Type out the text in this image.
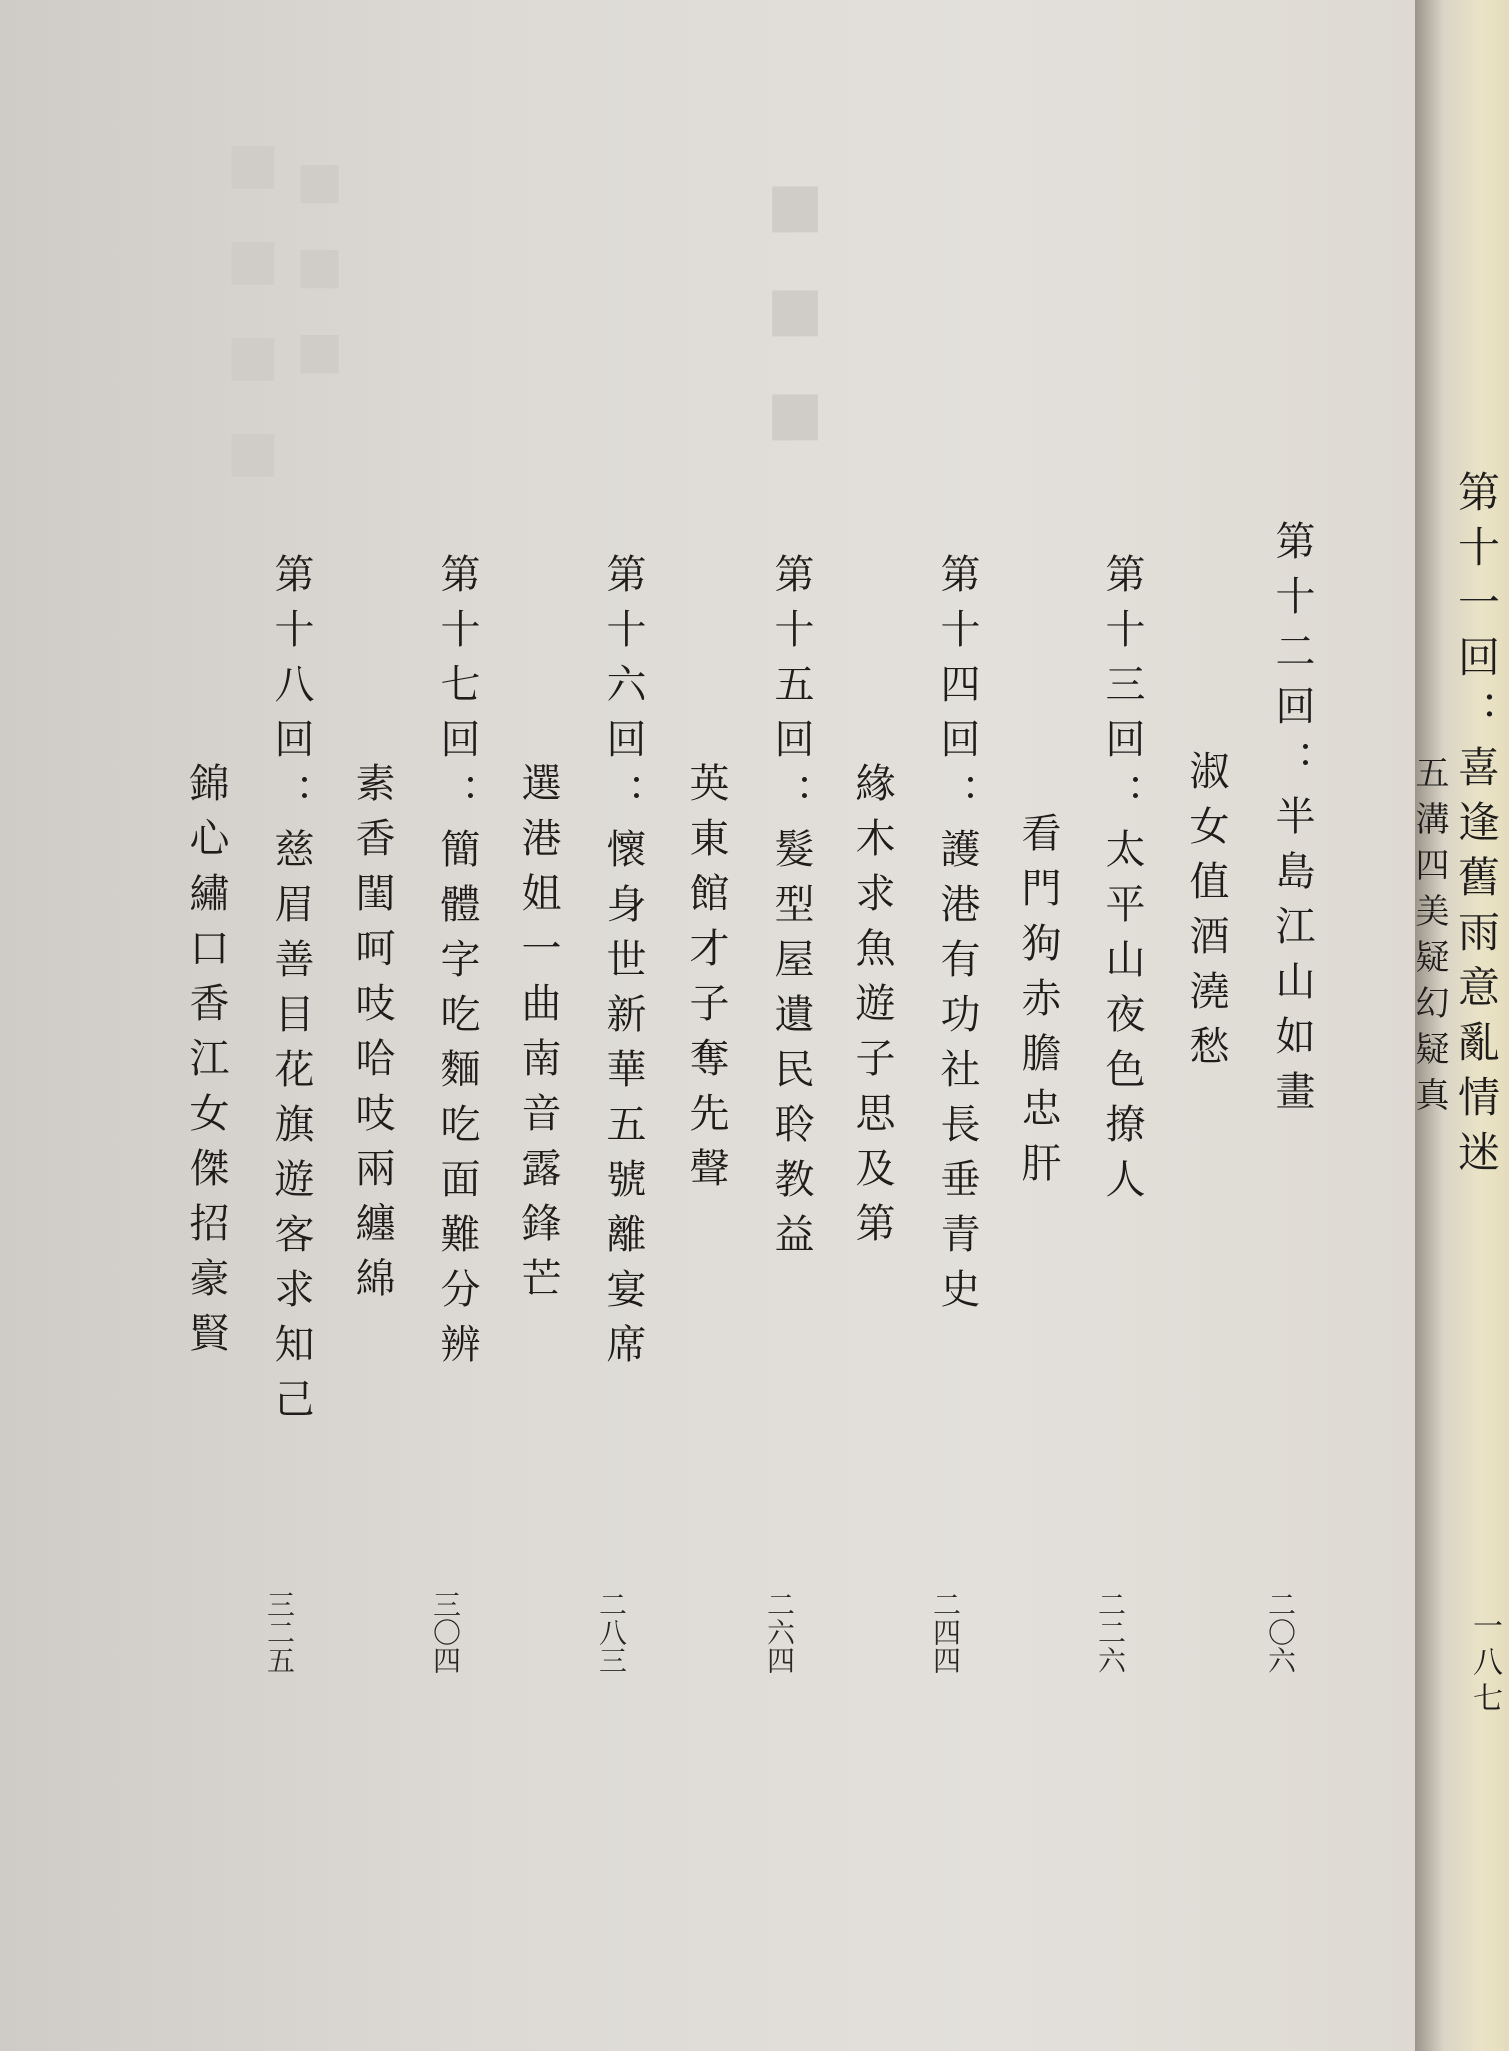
■■■■ ■■■	■■■
第十一回：喜逢舊雨意亂情迷
五溝四美疑幻疑真
一八七
第十二回：半島江山如畫
淑女值酒澆愁
二〇六
第十三回：太平山夜色撩人
看門狗赤膽忠肝
二二六
第十四回：護港有功社長垂青史
緣木求魚遊子思及第
二四四
第十五回：髮型屋遺民聆教益
英東館才子奪先聲
二六四
第十六回：懷身世新華五號離宴席
選港姐一曲南音露鋒芒
二八三
第十七回：簡體字吃麵吃面難分辨
素香閨呵吱哈吱兩纏綿
三〇四
第十八回：慈眉善目花旗遊客求知己
錦心繡口香江女傑招豪賢
三二五
